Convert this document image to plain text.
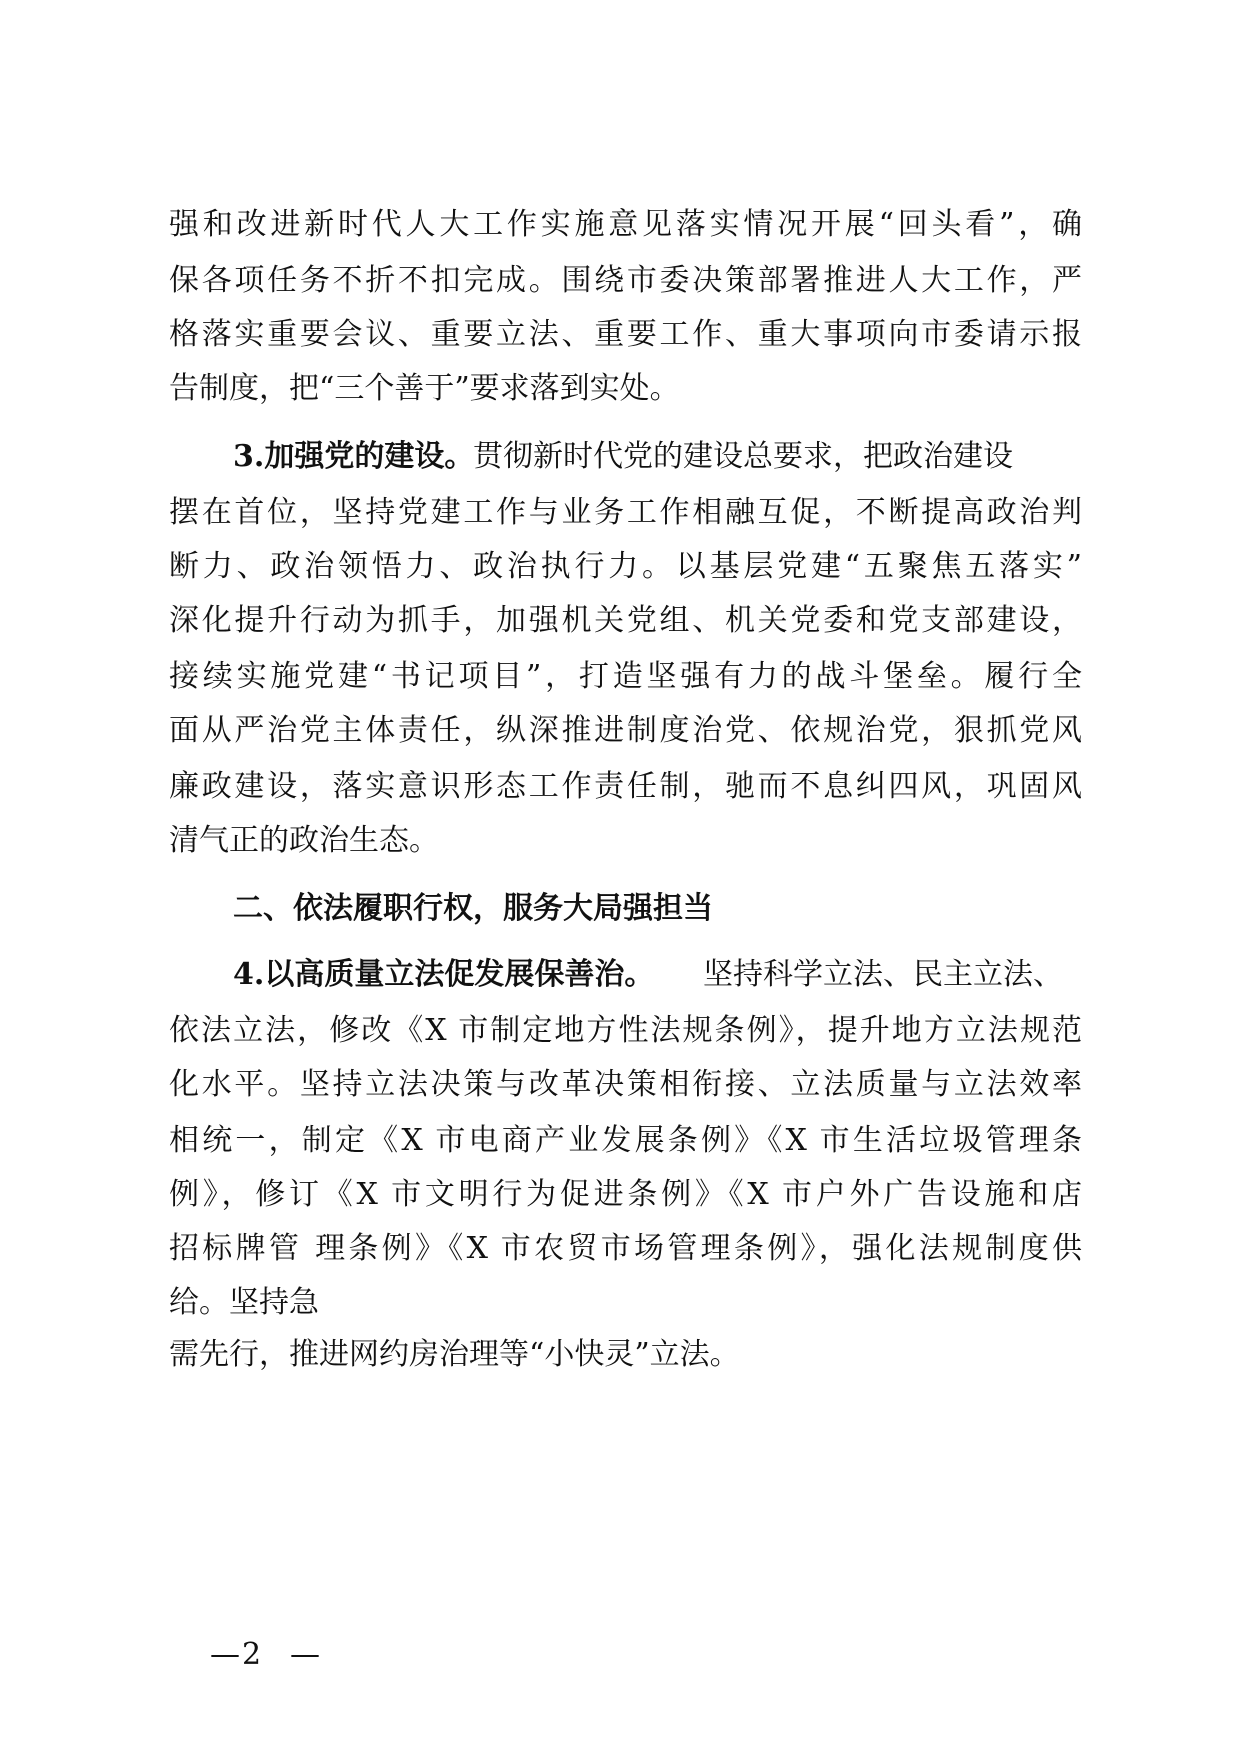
强和改进新时代人大工作实施意见落实情况开展“回头看”，确
保各项任务不折不扣完成。围绕市委决策部署推进人大工作，严
格落实重要会议、重要立法、重要工作、重大事项向市委请示报
告制度，把“三个善于”要求落到实处。
3.加强党的建设。
贯彻新时代党的建设总要求，把政治建设
摆在首位，坚持党建工作与业务工作相融互促，不断提高政治判
断力、政治领悟力、政治执行力。以基层党建“五聚焦五落实”
深化提升行动为抓手，加强机关党组、机关党委和党支部建设，
接续实施党建“书记项目”，打造坚强有力的战斗堡垒。履行全
面从严治党主体责任，纵深推进制度治党、依规治党，狠抓党风
廉政建设，落实意识形态工作责任制，驰而不息纠四风，巩固风
清气正的政治生态。
二、依法履职行权，服务大局强担当
4.以高质量立法促发展保善治。 坚持科学立法、民主立法、
依法立法，修改《X 市制定地方性法规条例》，提升地方立法规范
化水平。坚持立法决策与改革决策相衔接、立法质量与立法效率
相统一，制定《X 市电商产业发展条例》《X 市生活垃圾管理条
例》，修订《X 市文明行为促进条例》《X 市户外广告设施和店
招标牌管 理条例》《X 市农贸市场管理条例》，强化法规制度供
给。坚持急
需先行，推进网约房治理等“小快灵”立法。
— 2 —
